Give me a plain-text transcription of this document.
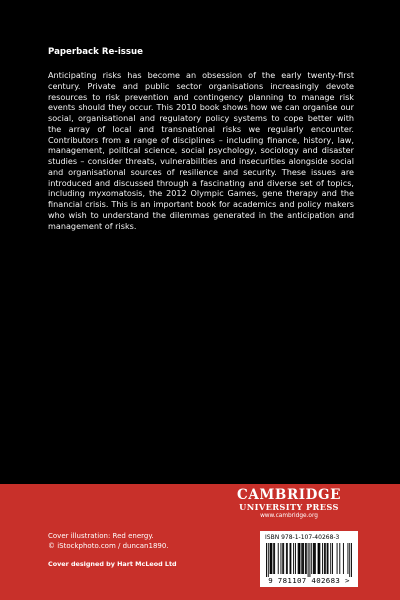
Paperback Re-issue

Anticipating risks has become an obsession of the early twenty-first century. Private and public sector organisations increasingly devote resources to risk prevention and contingency planning to manage risk events should they occur. This 2010 book shows how we can organise our social, organisational and regulatory policy systems to cope better with the array of local and transnational risks we regularly encounter. Contributors from a range of disciplines – including finance, history, law, management, political science, social psychology, sociology and disaster studies – consider threats, vulnerabilities and insecurities alongside social and organisational sources of resilience and security. These issues are introduced and discussed through a fascinating and diverse set of topics, including myxomatosis, the 2012 Olympic Games, gene therapy and the financial crisis. This is an important book for academics and policy makers who wish to understand the dilemmas generated in the anticipation and management of risks.

CAMBRIDGE
UNIVERSITY PRESS
www.cambridge.org
Cover illustration: Red energy.
© iStockphoto.com / duncan1890.
Cover designed by Hart McLeod Ltd
ISBN 978-1-107-40268-3
9 781107 402683 >
